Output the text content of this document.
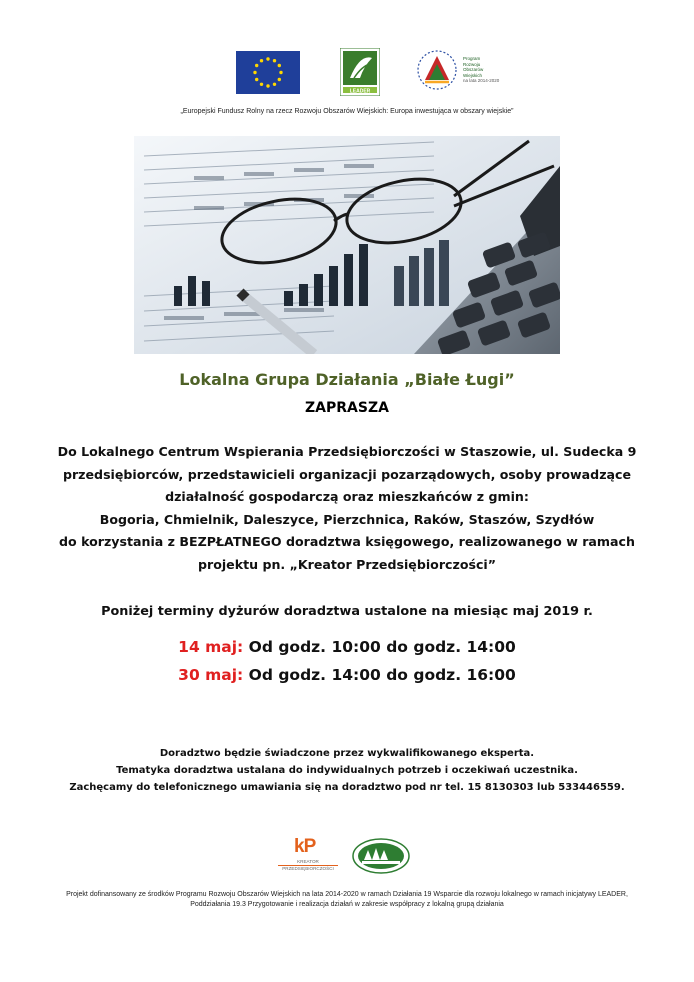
LEADER
Program
Rozwoju
Obszarów
Wiejskich
na lata 2014-2020
„Europejski Fundusz Rolny na rzecz Rozwoju Obszarów Wiejskich: Europa inwestująca w obszary wiejskie”
Lokalna Grupa Działania „Białe Ługi”
ZAPRASZA
Do Lokalnego Centrum Wspierania Przedsiębiorczości w Staszowie, ul. Sudecka 9
przedsiębiorców, przedstawicieli organizacji pozarządowych, osoby prowadzące
działalność gospodarczą oraz mieszkańców z gmin:
Bogoria, Chmielnik, Daleszyce, Pierzchnica, Raków, Staszów, Szydłów
do korzystania z BEZPŁATNEGO doradztwa księgowego, realizowanego w ramach
projektu pn. „Kreator Przedsiębiorczości”
Poniżej terminy dyżurów doradztwa ustalone na miesiąc maj 2019 r.
14 maj: Od godz. 10:00 do godz. 14:00
30 maj: Od godz. 14:00 do godz. 16:00
Doradztwo będzie świadczone przez wykwalifikowanego eksperta.
Tematyka doradztwa ustalana do indywidualnych potrzeb i oczekiwań uczestnika.
Zachęcamy do telefonicznego umawiania się na doradztwo pod nr tel. 15 8130303 lub 533446559.
kP
KREATOR
PRZEDSIĘBIORCZOŚCI
Projekt dofinansowany ze środków Programu Rozwoju Obszarów Wiejskich na lata 2014-2020 w ramach Działania 19 Wsparcie dla rozwoju lokalnego w ramach inicjatywy LEADER,
Poddziałania 19.3 Przygotowanie i realizacja działań w zakresie współpracy z lokalną grupą działania
